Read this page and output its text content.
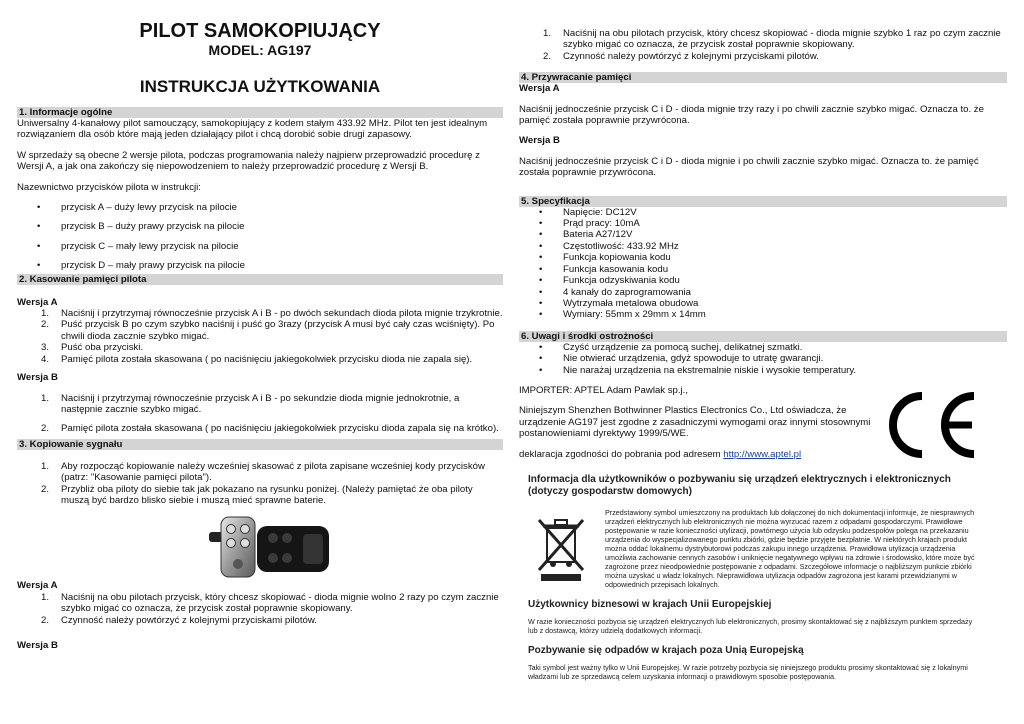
PILOT SAMOKOPIUJĄCY
MODEL: AG197
INSTRUKCJA UŻYTKOWANIA
1. Informacje ogólne

Uniwersalny 4-kanałowy pilot samouczący, samokopiujący z kodem stałym 433.92 MHz. Pilot ten jest idealnym rozwiązaniem dla osób które mają jeden działający pilot i chcą dorobić sobie drugi zapasowy.

W sprzedaży są obecne 2 wersje pilota, podczas programowania należy najpierw przeprowadzić procedurę z Wersji A, a jak ona zakończy się niepowodzeniem to należy przeprowadzić procedurę z Wersji B.

Nazewnictwo przycisków pilota w instrukcji:

• przycisk A – duży lewy przycisk na pilocie
• przycisk B – duży prawy przycisk na pilocie
• przycisk C – mały lewy przycisk na pilocie
• przycisk D – mały prawy przycisk na pilocie
2. Kasowanie pamięci pilota

Wersja A

1. Naciśnij i przytrzymaj równocześnie przycisk A i B - po dwóch sekundach dioda pilota mignie trzykrotnie.
2. Puść przycisk B po czym szybko naciśnij i puść go 3razy (przycisk A musi być cały czas wciśnięty). Po chwili dioda zacznie szybko migać.
3. Puść oba przyciski.
4. Pamięć pilota została skasowana ( po naciśnięciu jakiegokolwiek przycisku dioda nie zapala się).

Wersja B

1. Naciśnij i przytrzymaj równocześnie przycisk A i B - po sekundzie dioda mignie jednokrotnie, a następnie zacznie szybko migać.
2. Pamięć pilota została skasowana ( po naciśnięciu jakiegokolwiek przycisku dioda zapala się na krótko).
3. Kopiowanie sygnału
1. Aby rozpocząć kopiowanie należy wcześniej skasować z pilota zapisane wcześniej kody przycisków (patrz: "Kasowanie pamięci pilota").
2. Przybliż oba piloty do siebie tak jak pokazano na rysunku poniżej. (Należy pamiętać że oba piloty muszą być bardzo blisko siebie i muszą mieć sprawne baterie.

Wersja A

1. Naciśnij na obu pilotach przycisk, który chcesz skopiować - dioda mignie wolno 2 razy po czym zacznie szybko migać co oznacza, że przycisk został poprawnie skopiowany.
2. Czynność należy powtórzyć z kolejnymi przyciskami pilotów.

Wersja B

1. Naciśnij na obu pilotach przycisk, który chcesz skopiować - dioda mignie szybko 1 raz po czym zacznie szybko migać co oznacza, że przycisk został poprawnie skopiowany.
2. Czynność należy powtórzyć z kolejnymi przyciskami pilotów.
4. Przywracanie pamięci

Wersja A

Naciśnij jednocześnie przycisk C i D - dioda mignie trzy razy i po chwili zacznie szybko migać. Oznacza to. że pamięć została poprawnie przywrócona.

Wersja B

Naciśnij jednocześnie przycisk C i D - dioda mignie i po chwili zacznie szybko migać. Oznacza to. że pamięć została poprawnie przywrócona.

5. Specyfikacja
• Napięcie: DC12V
• Prąd pracy: 10mA
• Bateria A27/12V
• Częstotliwość: 433.92 MHz
• Funkcja kopiowania kodu
• Funkcja kasowania kodu
• Funkcja odzyskiwania kodu
• 4 kanały do zaprogramowania
• Wytrzymała metalowa obudowa
• Wymiary: 55mm x 29mm x 14mm
6. Uwagi i środki ostrożności
• Czyść urządzenie za pomocą suchej, delikatnej szmatki.
• Nie otwierać urządzenia, gdyż spowoduje to utratę gwarancji.
• Nie narażaj urządzenia na ekstremalnie niskie i wysokie temperatury.

IMPORTER: APTEL Adam Pawlak sp.j.,

Niniejszym Shenzhen Bothwinner Plastics Electronics Co., Ltd oświadcza, że urządzenie AG197 jest zgodne z zasadniczymi wymogami oraz innymi stosownymi postanowieniami dyrektywy 1999/5/WE.

deklaracja zgodności do pobrania pod adresem http://www.aptel.pl

Informacja dla użytkowników o pozbywaniu się urządzeń elektrycznych i elektronicznych (dotyczy gospodarstw domowych)
Przedstawiony symbol umieszczony na produktach lub dołączonej do nich dokumentacji informuje, że niesprawnych urządzeń elektrycznych lub elektronicznych nie można wyrzucać razem z odpadami gospodarczymi. Prawidłowe postępowanie w razie konieczności utylizacji, powtórnego użycia lub odzysku podzespołów polega na przekazaniu urządzenia do wyspecjalizowanego punktu zbiórki, gdzie będzie przyjęte bezpłatnie. W niektórych krajach produkt można oddać lokalnemu dystrybutorowi podczas zakupu innego urządzenia. Prawidłowa utylizacja urządzenia umożliwia zachowanie cennych zasobów i uniknięcie negatywnego wpływu na zdrowie i środowisko, które może być zagrożone przez nieodpowiednie postępowanie z odpadami. Szczegółowe informacje o najbliższym punkcie zbiórki można uzyskać u władz lokalnych. Nieprawidłowa utylizacja odpadów zagrożona jest karami przewidzianymi w odpowiednich przepisach lokalnych.
Użytkownicy biznesowi w krajach Unii Europejskiej
W razie konieczności pozbycia się urządzeń elektrycznych lub elektronicznych, prosimy skontaktować się z najbliższym punktem sprzedaży lub z dostawcą, którzy udzielą dodatkowych informacji.
Pozbywanie się odpadów w krajach poza Unią Europejską
Taki symbol jest ważny tylko w Unii Europejskej. W razie potrzeby pozbycia się niniejszego produktu prosimy skontaktować się z lokalnymi władzami lub ze sprzedawcą celem uzyskania informacji o prawidłowym sposobie postępowania.
